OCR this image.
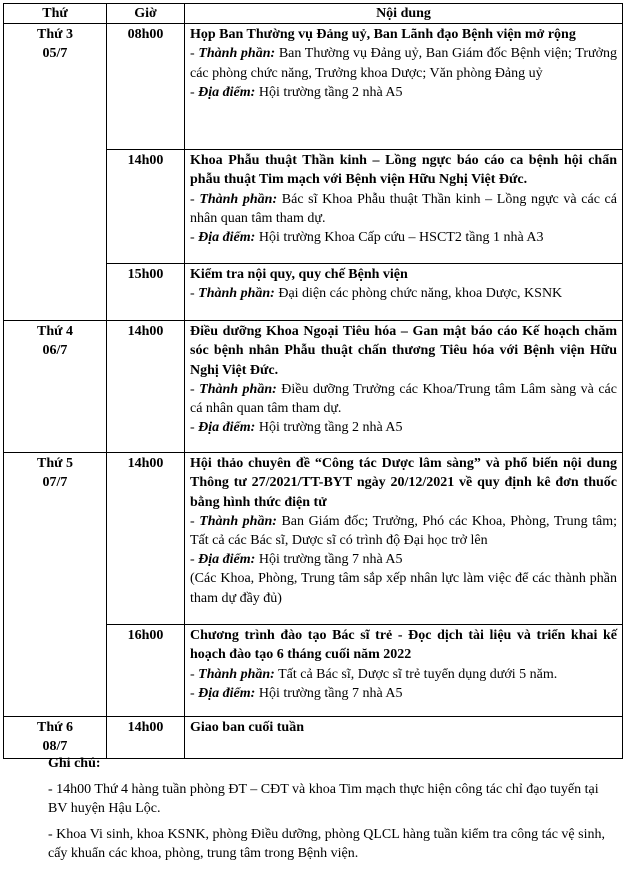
Thứ	Giờ	Nội dung

Thứ 3
05/7	08h00	Họp Ban Thường vụ Đảng uỷ, Ban Lãnh đạo Bệnh viện mở rộng
- Thành phần: Ban Thường vụ Đảng uỷ, Ban Giám đốc Bệnh viện; Trưởng các phòng chức năng, Trưởng khoa Dược; Văn phòng Đảng uỷ
- Địa điểm: Hội trường tầng 2 nhà A5

	14h00	Khoa Phẫu thuật Thần kinh – Lồng ngực báo cáo ca bệnh hội chẩn phẫu thuật Tim mạch với Bệnh viện Hữu Nghị Việt Đức.
- Thành phần: Bác sĩ Khoa Phẫu thuật Thần kinh – Lồng ngực và các cá nhân quan tâm tham dự.
- Địa điểm: Hội trường Khoa Cấp cứu – HSCT2 tầng 1 nhà A3

	15h00	Kiểm tra nội quy, quy chế Bệnh viện
- Thành phần: Đại diện các phòng chức năng, khoa Dược, KSNK

Thứ 4
06/7	14h00	Điều dưỡng Khoa Ngoại Tiêu hóa – Gan mật báo cáo Kế hoạch chăm sóc bệnh nhân Phẫu thuật chấn thương Tiêu hóa với Bệnh viện Hữu Nghị Việt Đức.
- Thành phần: Điều dưỡng Trưởng các Khoa/Trung tâm Lâm sàng và các cá nhân quan tâm tham dự.
- Địa điểm: Hội trường tầng 2 nhà A5

Thứ 5
07/7	14h00	Hội thảo chuyên đề “Công tác Dược lâm sàng” và phổ biến nội dung Thông tư 27/2021/TT-BYT ngày 20/12/2021 về quy định kê đơn thuốc bằng hình thức điện tử
- Thành phần: Ban Giám đốc; Trưởng, Phó các Khoa, Phòng, Trung tâm; Tất cả các Bác sĩ, Dược sĩ có trình độ Đại học trở lên
- Địa điểm: Hội trường tầng 7 nhà A5
(Các Khoa, Phòng, Trung tâm sắp xếp nhân lực làm việc để các thành phần tham dự đầy đủ)

	16h00	Chương trình đào tạo Bác sĩ trẻ - Đọc dịch tài liệu và triển khai kế hoạch đào tạo 6 tháng cuối năm 2022
- Thành phần: Tất cả Bác sĩ, Dược sĩ trẻ tuyển dụng dưới 5 năm.
- Địa điểm: Hội trường tầng 7 nhà A5

Thứ 6
08/7	14h00	Giao ban cuối tuần
Ghi chú:

- 14h00 Thứ 4 hàng tuần phòng ĐT – CĐT và khoa Tim mạch thực hiện công tác chỉ đạo tuyến tại BV huyện Hậu Lộc.

- Khoa Vi sinh, khoa KSNK, phòng Điều dưỡng, phòng QLCL hàng tuần kiểm tra công tác vệ sinh, cấy khuẩn các khoa, phòng, trung tâm trong Bệnh viện.
